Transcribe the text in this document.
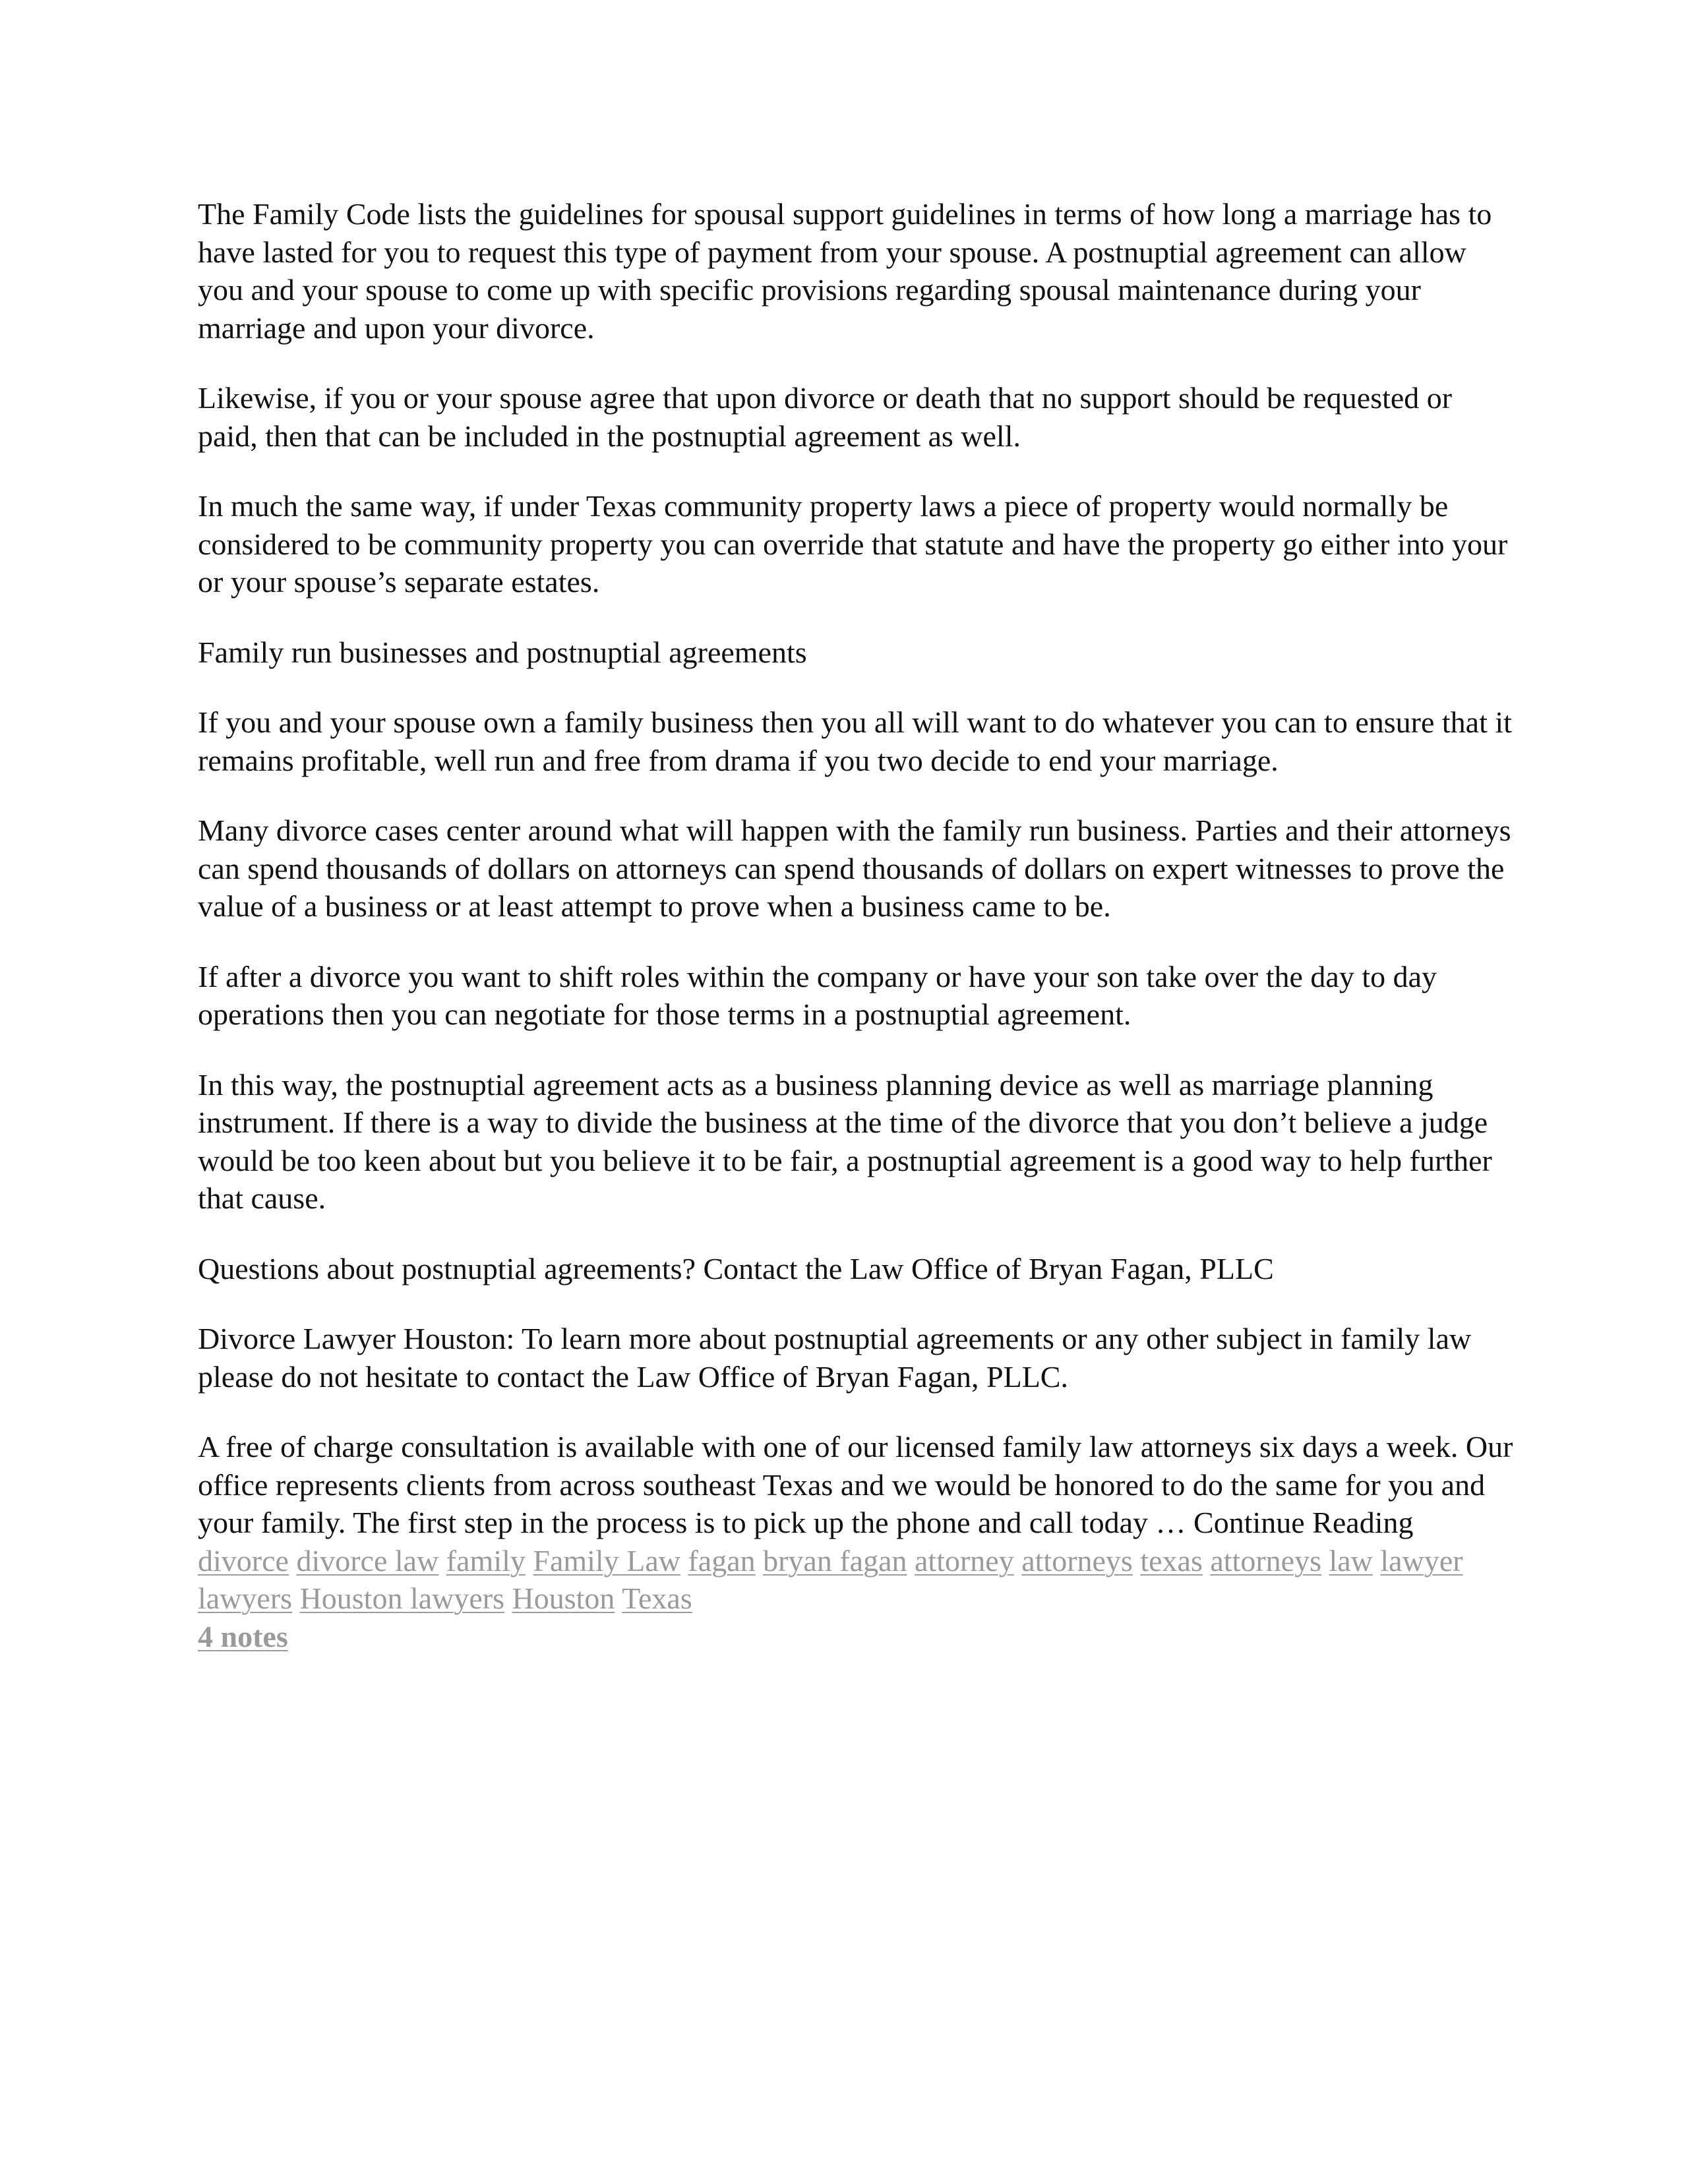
The Family Code lists the guidelines for spousal support guidelines in terms of how long a marriage has to have lasted for you to request this type of payment from your spouse. A postnuptial agreement can allow you and your spouse to come up with specific provisions regarding spousal maintenance during your marriage and upon your divorce.

Likewise, if you or your spouse agree that upon divorce or death that no support should be requested or paid, then that can be included in the postnuptial agreement as well.

In much the same way, if under Texas community property laws a piece of property would normally be considered to be community property you can override that statute and have the property go either into your or your spouse’s separate estates.

Family run businesses and postnuptial agreements

If you and your spouse own a family business then you all will want to do whatever you can to ensure that it remains profitable, well run and free from drama if you two decide to end your marriage.

Many divorce cases center around what will happen with the family run business. Parties and their attorneys can spend thousands of dollars on attorneys can spend thousands of dollars on expert witnesses to prove the value of a business or at least attempt to prove when a business came to be.

If after a divorce you want to shift roles within the company or have your son take over the day to day operations then you can negotiate for those terms in a postnuptial agreement.

In this way, the postnuptial agreement acts as a business planning device as well as marriage planning instrument. If there is a way to divide the business at the time of the divorce that you don’t believe a judge would be too keen about but you believe it to be fair, a postnuptial agreement is a good way to help further that cause.

Questions about postnuptial agreements? Contact the Law Office of Bryan Fagan, PLLC

Divorce Lawyer Houston: To learn more about postnuptial agreements or any other subject in family law please do not hesitate to contact the Law Office of Bryan Fagan, PLLC.

A free of charge consultation is available with one of our licensed family law attorneys six days a week. Our office represents clients from across southeast Texas and we would be honored to do the same for you and your family. The first step in the process is to pick up the phone and call today … Continue Reading

divorce divorce law family Family Law fagan bryan fagan attorney attorneys texas attorneys law lawyer lawyers Houston lawyers Houston Texas

4 notes
